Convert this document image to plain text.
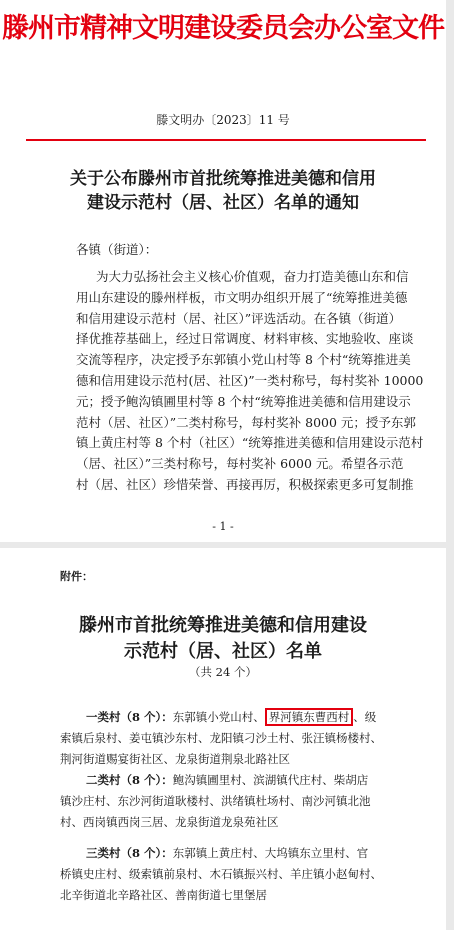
滕州市精神文明建设委员会办公室文件
滕文明办〔2023〕11 号
关于公布滕州市首批统筹推进美德和信用
建设示范村（居、社区）名单的通知
各镇（街道）：
为大力弘扬社会主义核心价值观，奋力打造美德山东和信
用山东建设的滕州样板，市文明办组织开展了“统筹推进美德
和信用建设示范村（居、社区）”评选活动。在各镇（街道）
择优推荐基础上，经过日常调度、材料审核、实地验收、座谈
交流等程序，决定授予东郭镇小党山村等 8 个村“统筹推进美
德和信用建设示范村(居、社区)”一类村称号，每村奖补 10000
元；授予鲍沟镇圃里村等 8 个村“统筹推进美德和信用建设示
范村（居、社区）”二类村称号，每村奖补 8000 元；授予东郭
镇上黄庄村等 8 个村（社区）“统筹推进美德和信用建设示范村
（居、社区）”三类村称号，每村奖补 6000 元。希望各示范
村（居、社区）珍惜荣誉、再接再厉，积极探索更多可复制推
- 1 -
附件：
滕州市首批统筹推进美德和信用建设
示范村（居、社区）名单
（共 24 个）
一类村（8 个）：东郭镇小党山村、 界河镇东曹西村 、级
索镇后泉村、姜屯镇沙东村、龙阳镇刁沙土村、张汪镇杨楼村、
荆河街道赐宴街社区、龙泉街道荆泉北路社区
二类村（8 个）：鲍沟镇圃里村、滨湖镇代庄村、柴胡店
镇沙庄村、东沙河街道耿楼村、洪绪镇杜场村、南沙河镇北池
村、西岗镇西岗三居、龙泉街道龙泉苑社区
三类村（8 个）：东郭镇上黄庄村、大坞镇东立里村、官
桥镇史庄村、级索镇前泉村、木石镇振兴村、羊庄镇小赵甸村、
北辛街道北辛路社区、善南街道七里堡居
